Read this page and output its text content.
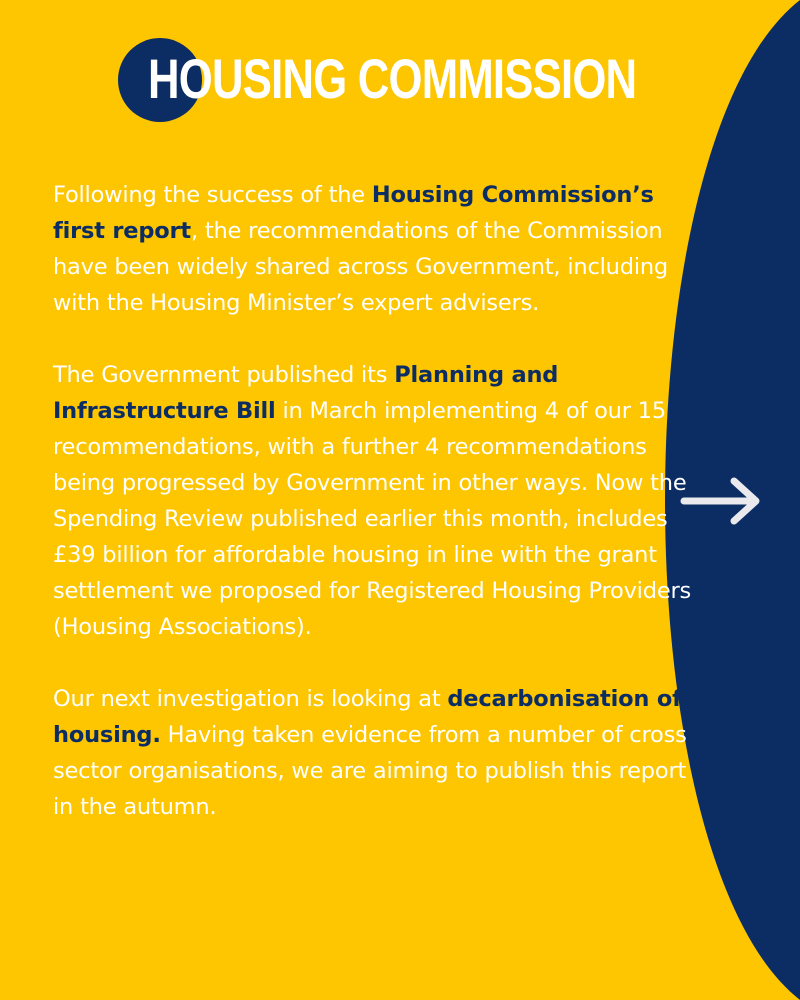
HOUSING COMMISSION

Following the success of the Housing Commission’s first report, the recommendations of the Commission have been widely shared across Government, including with the Housing Minister’s expert advisers.

The Government published its Planning and Infrastructure Bill in March implementing 4 of our 15 recommendations, with a further 4 recommendations being progressed by Government in other ways. Now the Spending Review published earlier this month, includes £39 billion for affordable housing in line with the grant settlement we proposed for Registered Housing Providers (Housing Associations).

Our next investigation is looking at decarbonisation of housing. Having taken evidence from a number of cross sector organisations, we are aiming to publish this report in the autumn.
